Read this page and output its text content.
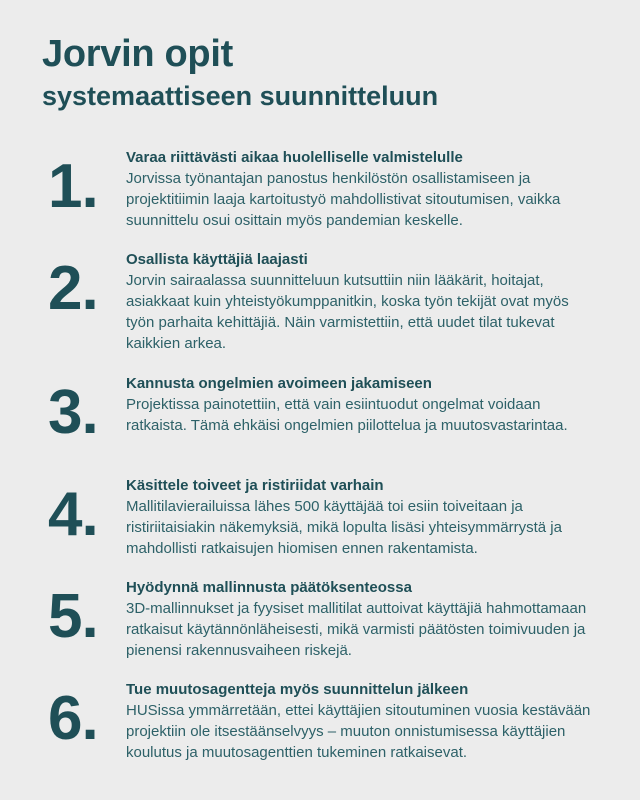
Jorvin opit
systemaattiseen suunnitteluun
1.	Varaa riittävästi aikaa huolelliselle valmistelulle

Jorvissa työnantajan panostus henkilöstön osallistamiseen ja projektitiimin laaja kartoitustyö mahdollistivat sitoutumisen, vaikka suunnittelu osui osittain myös pandemian keskelle.

2.	Osallista käyttäjiä laajasti

Jorvin sairaalassa suunnitteluun kutsuttiin niin lääkärit, hoitajat, asiakkaat kuin yhteistyökumppanitkin, koska työn tekijät ovat myös työn parhaita kehittäjiä. Näin varmistettiin, että uudet tilat tukevat kaikkien arkea.

3.	Kannusta ongelmien avoimeen jakamiseen

Projektissa painotettiin, että vain esiintuodut ongelmat voidaan ratkaista. Tämä ehkäisi ongelmien piilottelua ja muutosvastarintaa.

4.	Käsittele toiveet ja ristiriidat varhain

Mallitilavierailuissa lähes 500 käyttäjää toi esiin toiveitaan ja ristiriitaisiakin näkemyksiä, mikä lopulta lisäsi yhteisymmärrystä ja mahdollisti ratkaisujen hiomisen ennen rakentamista.

5.	Hyödynnä mallinnusta päätöksenteossa

3D-mallinnukset ja fyysiset mallitilat auttoivat käyttäjiä hahmottamaan ratkaisut käytännönläheisesti, mikä varmisti päätösten toimivuuden ja pienensi rakennusvaiheen riskejä.

6.	Tue muutosagentteja myös suunnittelun jälkeen

HUSissa ymmärretään, ettei käyttäjien sitoutuminen vuosia kestävään projektiin ole itsestäänselvyys – muuton onnistumisessa käyttäjien koulutus ja muutosagenttien tukeminen ratkaisevat.
